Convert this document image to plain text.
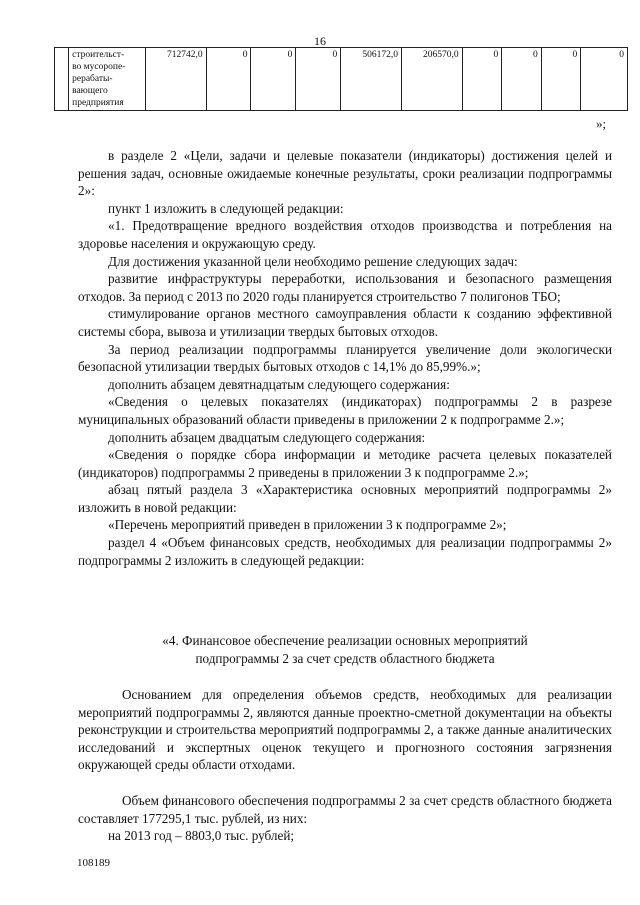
16
	строительст-
во мусоропе-
рерабаты-
вающего
предприятия	712742,0	0	0	0	506172,0	206570,0	0	0	0	0
»;

в разделе 2 «Цели, задачи и целевые показатели (индикаторы) достижения целей и решения задач, основные ожидаемые конечные результаты, сроки реализации подпрограммы 2»:

пункт 1 изложить в следующей редакции:

«1. Предотвращение вредного воздействия отходов производства и потребления на здоровье населения и окружающую среду.

Для достижения указанной цели необходимо решение следующих задач:

развитие инфраструктуры переработки, использования и безопасного размещения отходов. За период с 2013 по 2020 годы планируется строительство 7 полигонов ТБО;

стимулирование органов местного самоуправления области к созданию эффективной системы сбора, вывоза и утилизации твердых бытовых отходов.

За период реализации подпрограммы планируется увеличение доли экологически безопасной утилизации твердых бытовых отходов с 14,1% до 85,99%.»;

дополнить абзацем девятнадцатым следующего содержания:

«Сведения о целевых показателях (индикаторах) подпрограммы 2 в разрезе муниципальных образований области приведены в приложении 2 к подпрограмме 2.»;

дополнить абзацем двадцатым следующего содержания:

«Сведения о порядке сбора информации и методике расчета целевых показателей (индикаторов) подпрограммы 2 приведены в приложении 3 к подпрограмме 2.»;

абзац пятый раздела 3 «Характеристика основных мероприятий подпрограммы 2» изложить в новой редакции:

«Перечень мероприятий приведен в приложении 3 к подпрограмме 2»;

раздел 4 «Объем финансовых средств, необходимых для реализации подпрограммы 2» подпрограммы 2 изложить в следующей редакции:

«4. Финансовое обеспечение реализации основных мероприятий
подпрограммы 2 за счет средств областного бюджета

Основанием для определения объемов средств, необходимых для реализации мероприятий подпрограммы 2, являются данные проектно-сметной документации на объекты реконструкции и строительства мероприятий подпрограммы 2, а также данные аналитических исследований и экспертных оценок текущего и прогнозного состояния загрязнения окружающей среды области отходами.

Объем финансового обеспечения подпрограммы 2 за счет средств областного бюджета составляет 177295,1 тыс. рублей, из них:

на 2013 год – 8803,0 тыс. рублей;

108189
